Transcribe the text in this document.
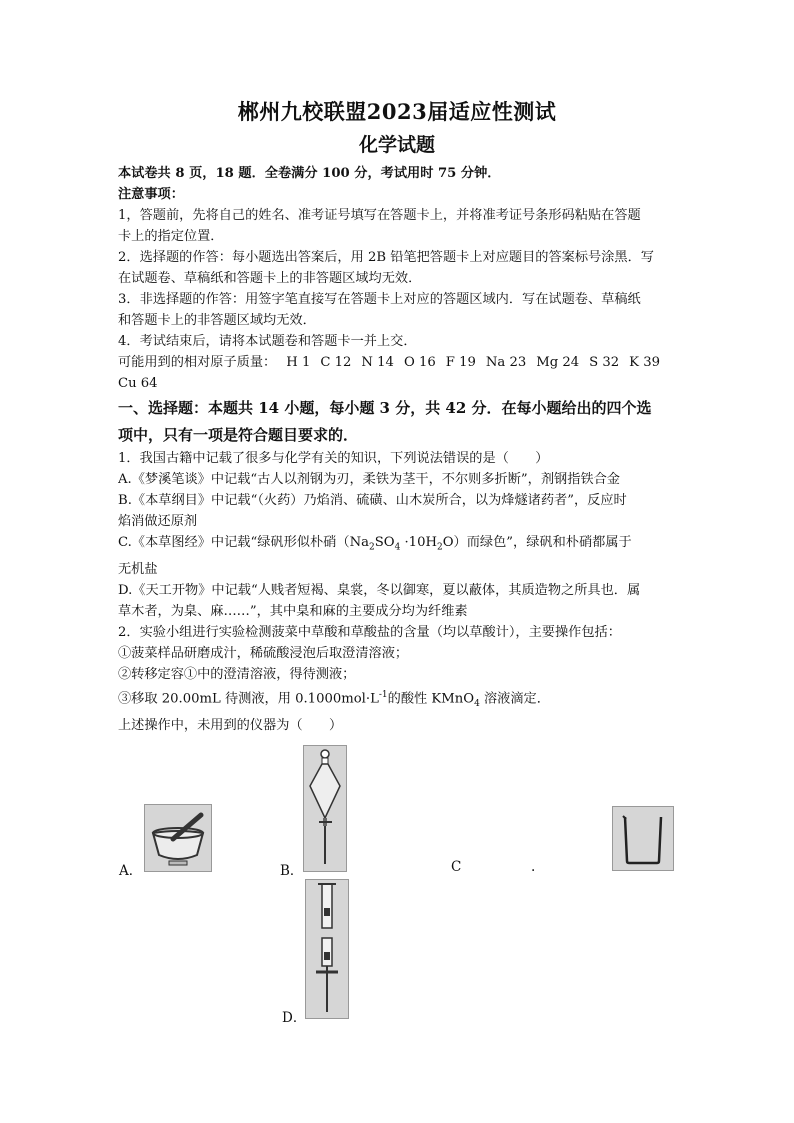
郴州九校联盟2023届适应性测试
化学试题
本试卷共 8 页，18 题．全卷满分 100 分，考试用时 75 分钟．
注意事项：
1，答题前，先将自己的姓名、准考证号填写在答题卡上，并将准考证号条形码粘贴在答题
卡上的指定位置．
2．选择题的作答：每小题选出答案后，用 2B 铅笔把答题卡上对应题目的答案标号涂黑．写
在试题卷、草稿纸和答题卡上的非答题区域均无效．
3．非选择题的作答：用签字笔直接写在答题卡上对应的答题区域内．写在试题卷、草稿纸
和答题卡上的非答题区域均无效．
4．考试结束后，请将本试题卷和答题卡一并上交．
可能用到的相对原子质量： H 1 C 12 N 14 O 16 F 19 Na 23 Mg 24 S 32 K 39
Cu 64
一、选择题：本题共 14 小题，每小题 3 分，共 42 分．在每小题给出的四个选
项中，只有一项是符合题目要求的．
1．我国古籍中记载了很多与化学有关的知识，下列说法错误的是（　　）
A.《梦溪笔谈》中记载“古人以剂钢为刃，柔铁为茎干，不尔则多折断”，剂钢指铁合金
B.《本草纲目》中记载“（火药）乃焰消、硫磺、山木炭所合，以为烽燧诸药者”，反应时
焰消做还原剂
C.《本草图经》中记载“绿矾形似朴硝$(Na_2SO_4 \cdot 10H_2O)$而绿色”，绿矾和朴硝都属于
无机盐
D.《天工开物》中记载“人贱者短褐、臬裳，冬以御寒，夏以蔽体，其质造物之所具也．属
草木者，为臬、麻……”，其中臬和麻的主要成分均为纤维素
2．实验小组进行实验检测菠菜中草酸和草酸盐的含量（均以草酸计），主要操作包括：
①菠菜样品研磨成汁，稀硫酸浸泡后取澄清溶液；
②转移定容①中的澄清溶液，得待测液；
③移取 20.00mL 待测液，用 $0.1000mol\cdot L^{-1}$的酸性 KMnO$_4$ 溶液滴定．
上述操作中，未用到的仪器为（　　）
A．	B．	C	.
D．
